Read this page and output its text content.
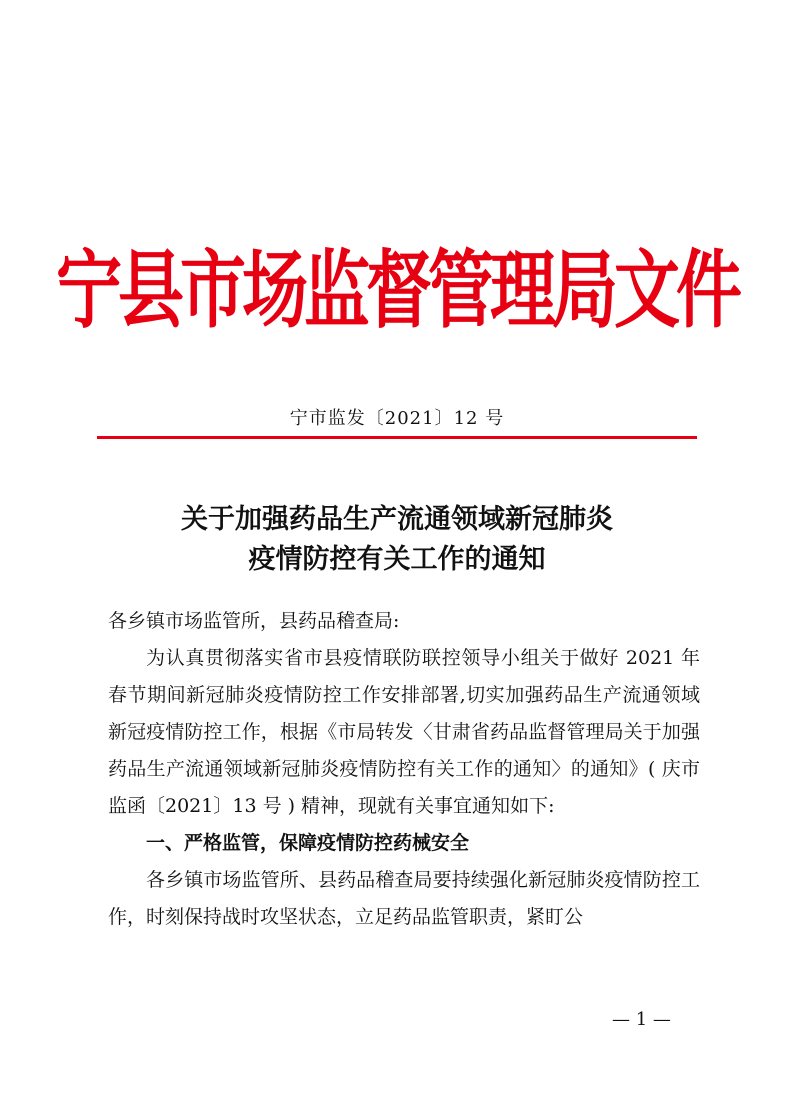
宁县市场监督管理局文件
宁市监发〔2021〕12 号
关于加强药品生产流通领域新冠肺炎
疫情防控有关工作的通知

各乡镇市场监管所，县药品稽查局:

为认真贯彻落实省市县疫情联防联控领导小组关于做好 2021 年春节期间新冠肺炎疫情防控工作安排部署,切实加强药品生产流通领域新冠疫情防控工作，根据《市局转发〈甘肃省药品监督管理局关于加强药品生产流通领域新冠肺炎疫情防控有关工作的通知〉的通知》( 庆市监函〔2021〕13 号 ) 精神，现就有关事宜通知如下:

一、严格监管，保障疫情防控药械安全

各乡镇市场监管所、县药品稽查局要持续强化新冠肺炎疫情防控工作，时刻保持战时攻坚状态，立足药品监管职责，紧盯公

— 1 —
